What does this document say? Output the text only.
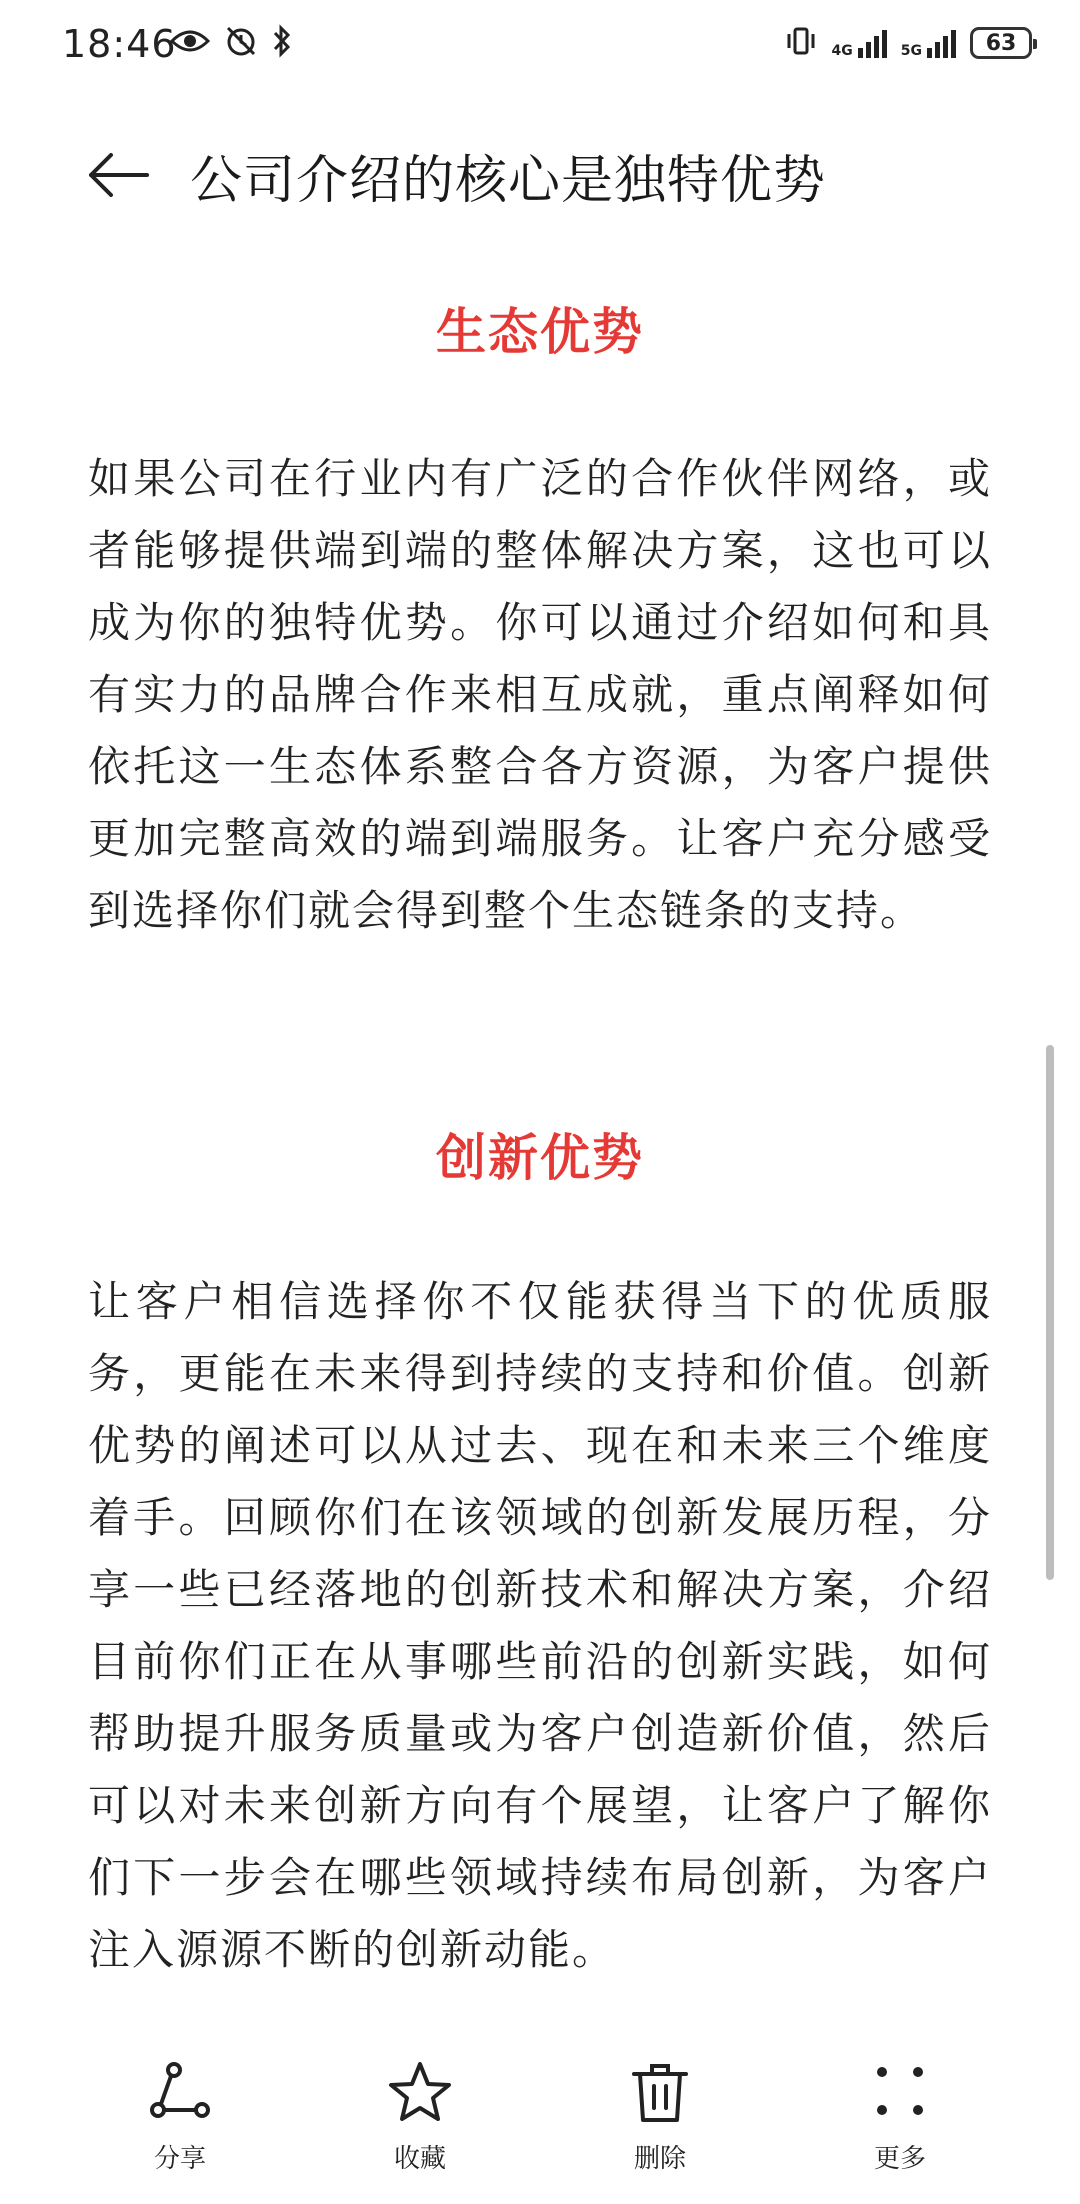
18:46	4G	5G	63
公司介绍的核心是独特优势
生态优势

如果公司在行业内有广泛的合作伙伴网络，或者能够提供端到端的整体解决方案，这也可以成为你的独特优势。你可以通过介绍如何和具有实力的品牌合作来相互成就，重点阐释如何依托这一生态体系整合各方资源，为客户提供更加完整高效的端到端服务。让客户充分感受到选择你们就会得到整个生态链条的支持。

创新优势

让客户相信选择你不仅能获得当下的优质服务，更能在未来得到持续的支持和价值。创新优势的阐述可以从过去、现在和未来三个维度着手。回顾你们在该领域的创新发展历程，分享一些已经落地的创新技术和解决方案，介绍目前你们正在从事哪些前沿的创新实践，如何帮助提升服务质量或为客户创造新价值，然后可以对未来创新方向有个展望，让客户了解你们下一步会在哪些领域持续布局创新，为客户注入源源不断的创新动能。

分享	收藏	删除	更多
